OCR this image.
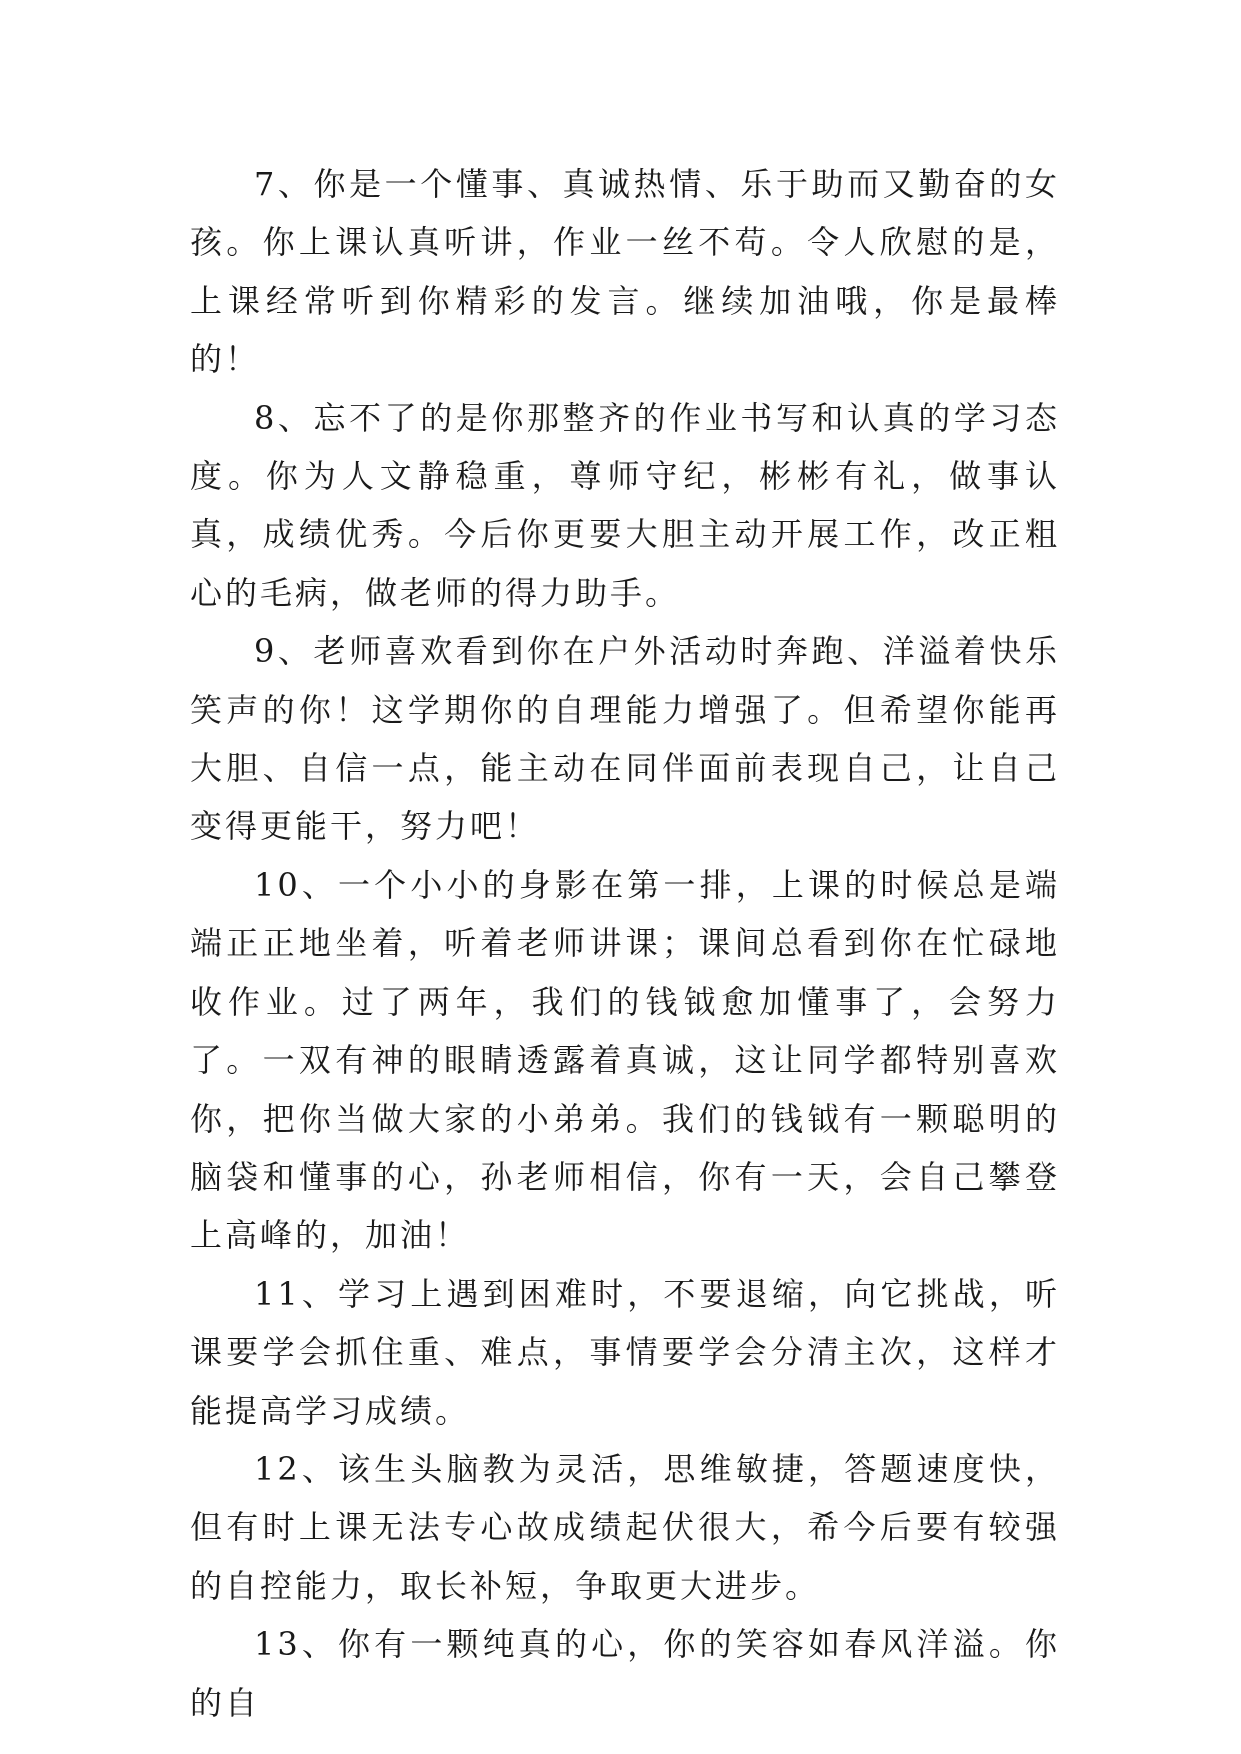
7、你是一个懂事、真诚热情、乐于助而又勤奋的女孩。你上课认真听讲，作业一丝不苟。令人欣慰的是，上课经常听到你精彩的发言。继续加油哦，你是最棒的！

8、忘不了的是你那整齐的作业书写和认真的学习态度。你为人文静稳重，尊师守纪，彬彬有礼，做事认真，成绩优秀。今后你更要大胆主动开展工作，改正粗心的毛病，做老师的得力助手。

9、老师喜欢看到你在户外活动时奔跑、洋溢着快乐笑声的你！这学期你的自理能力增强了。但希望你能再大胆、自信一点，能主动在同伴面前表现自己，让自己变得更能干，努力吧！

10、一个小小的身影在第一排，上课的时候总是端端正正地坐着，听着老师讲课；课间总看到你在忙碌地收作业。过了两年，我们的钱钺愈加懂事了，会努力了。一双有神的眼睛透露着真诚，这让同学都特别喜欢你，把你当做大家的小弟弟。我们的钱钺有一颗聪明的脑袋和懂事的心，孙老师相信，你有一天，会自己攀登上高峰的，加油！

11、学习上遇到困难时，不要退缩，向它挑战，听课要学会抓住重、难点，事情要学会分清主次，这样才能提高学习成绩。

12、该生头脑教为灵活，思维敏捷，答题速度快，但有时上课无法专心故成绩起伏很大，希今后要有较强的自控能力，取长补短，争取更大进步。

13、你有一颗纯真的心，你的笑容如春风洋溢。你的自
